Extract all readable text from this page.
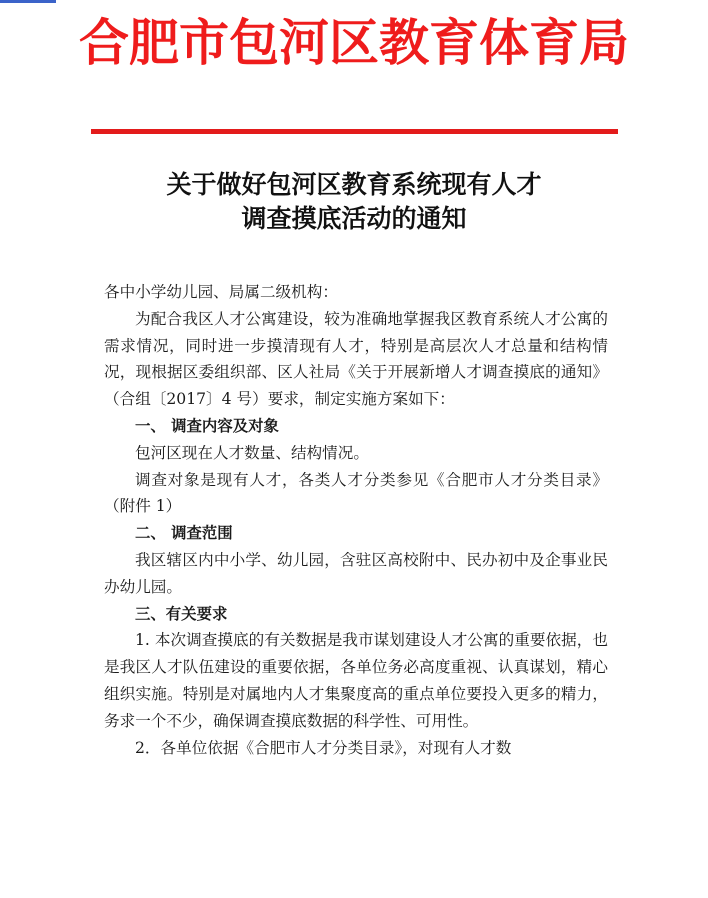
合肥市包河区教育体育局
关于做好包河区教育系统现有人才
调查摸底活动的通知

各中小学幼儿园、局属二级机构：

为配合我区人才公寓建设，较为准确地掌握我区教育系统人才公寓的需求情况，同时进一步摸清现有人才，特别是高层次人才总量和结构情况，现根据区委组织部、区人社局《关于开展新增人才调查摸底的通知》（合组〔2017〕4 号）要求，制定实施方案如下：

一、 调查内容及对象

包河区现在人才数量、结构情况。

调查对象是现有人才，各类人才分类参见《合肥市人才分类目录》（附件 1）

二、 调查范围

我区辖区内中小学、幼儿园，含驻区高校附中、民办初中及企事业民办幼儿园。

三、有关要求

1. 本次调查摸底的有关数据是我市谋划建设人才公寓的重要依据，也是我区人才队伍建设的重要依据，各单位务必高度重视、认真谋划，精心组织实施。特别是对属地内人才集聚度高的重点单位要投入更多的精力，务求一个不少，确保调查摸底数据的科学性、可用性。

2．各单位依据《合肥市人才分类目录》，对现有人才数
